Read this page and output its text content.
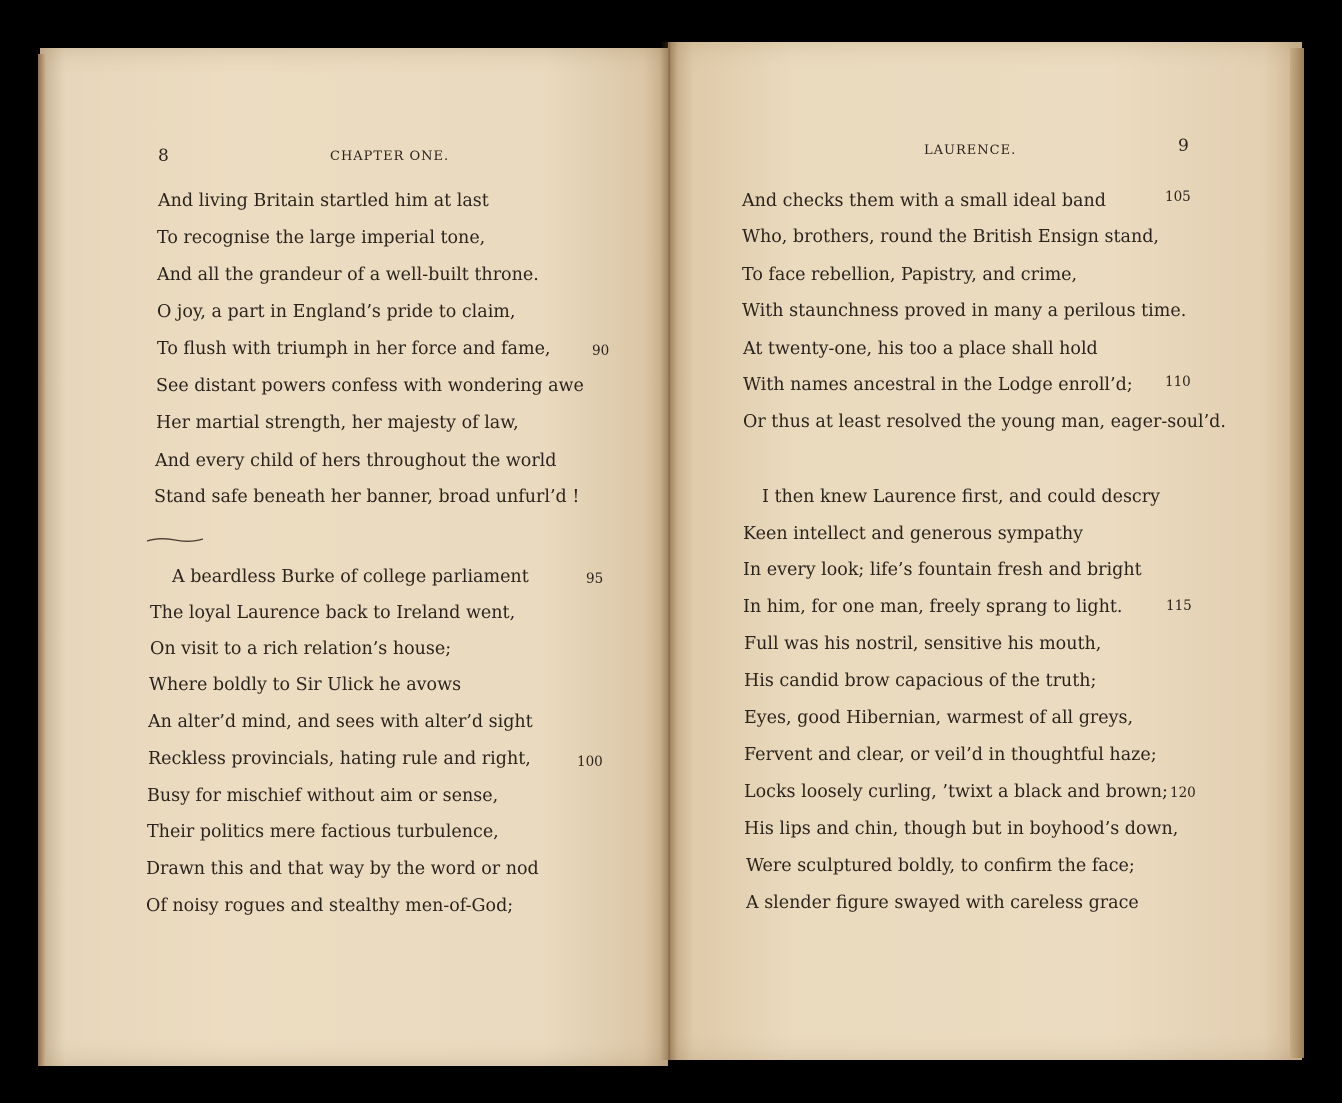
8	CHAPTER ONE.
And living Britain startled him at last
To recognise the large imperial tone,
And all the grandeur of a well-built throne.
O joy, a part in England’s pride to claim,
To flush with triumph in her force and fame,	90
See distant powers confess with wondering awe
Her martial strength, her majesty of law,
And every child of hers throughout the world
Stand safe beneath her banner, broad unfurl’d !
A beardless Burke of college parliament	95
The loyal Laurence back to Ireland went,
On visit to a rich relation’s house;
Where boldly to Sir Ulick he avows
An alter’d mind, and sees with alter’d sight
Reckless provincials, hating rule and right,	100
Busy for mischief without aim or sense,
Their politics mere factious turbulence,
Drawn this and that way by the word or nod
Of noisy rogues and stealthy men-of-God;
LAURENCE.	9
And checks them with a small ideal band	105
Who, brothers, round the British Ensign stand,
To face rebellion, Papistry, and crime,
With staunchness proved in many a perilous time.
At twenty-one, his too a place shall hold
With names ancestral in the Lodge enroll’d; 110
Or thus at least resolved the young man, eager-soul’d.
I then knew Laurence first, and could descry
Keen intellect and generous sympathy
In every look; life’s fountain fresh and bright
In him, for one man, freely sprang to light.	115
Full was his nostril, sensitive his mouth,
His candid brow capacious of the truth;
Eyes, good Hibernian, warmest of all greys,
Fervent and clear, or veil’d in thoughtful haze;
Locks loosely curling, ’twixt a black and brown; 120
His lips and chin, though but in boyhood’s down,
Were sculptured boldly, to confirm the face;
A slender figure swayed with careless grace
